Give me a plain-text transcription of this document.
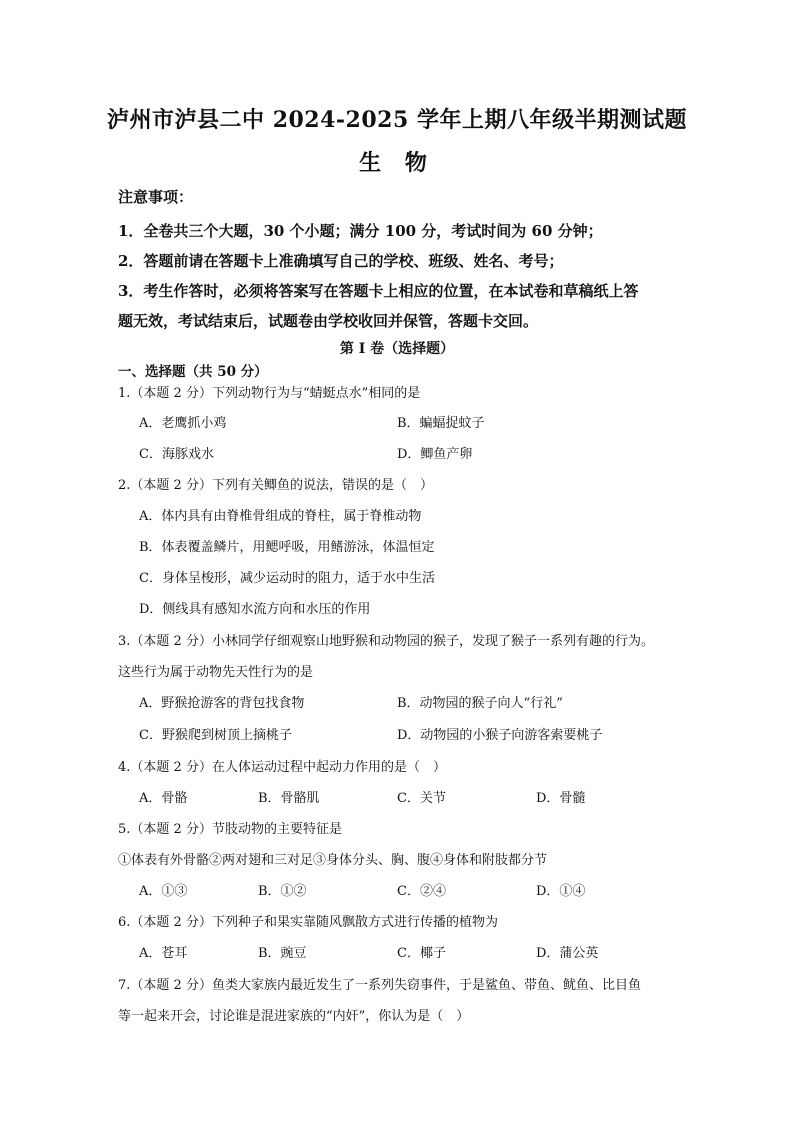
泸州市泸县二中 2024-2025 学年上期八年级半期测试题
生 物
注意事项：
1．全卷共三个大题，30 个小题；满分 100 分，考试时间为 60 分钟；
2．答题前请在答题卡上准确填写自己的学校、班级、姓名、考号；
3．考生作答时，必须将答案写在答题卡上相应的位置，在本试卷和草稿纸上答
题无效，考试结束后，试题卷由学校收回并保管，答题卡交回。
第 I 卷（选择题）
一、选择题（共 50 分）
1.（本题 2 分）下列动物行为与“蜻蜓点水”相同的是
A．老鹰抓小鸡	B．蝙蝠捉蚊子
C．海豚戏水	D．鲫鱼产卵
2.（本题 2 分）下列有关鲫鱼的说法，错误的是（　）
A．体内具有由脊椎骨组成的脊柱，属于脊椎动物
B．体表覆盖鳞片，用鳃呼吸，用鳍游泳，体温恒定
C．身体呈梭形，减少运动时的阻力，适于水中生活
D．侧线具有感知水流方向和水压的作用
3.（本题 2 分）小林同学仔细观察山地野猴和动物园的猴子，发现了猴子一系列有趣的行为。
这些行为属于动物先天性行为的是
A．野猴抢游客的背包找食物	B．动物园的猴子向人“行礼”
C．野猴爬到树顶上摘桃子	D．动物园的小猴子向游客索要桃子
4.（本题 2 分）在人体运动过程中起动力作用的是（　）
A．骨骼	B．骨骼肌	C．关节	D．骨髓
5.（本题 2 分）节肢动物的主要特征是
①体表有外骨骼②两对翅和三对足③身体分头、胸、腹④身体和附肢都分节
A．①③	B．①②	C．②④	D．①④
6.（本题 2 分）下列种子和果实靠随风飘散方式进行传播的植物为
A．苍耳	B．豌豆	C．椰子	D．蒲公英
7.（本题 2 分）鱼类大家族内最近发生了一系列失窃事件，于是鲨鱼、带鱼、鱿鱼、比目鱼
等一起来开会，讨论谁是混进家族的“内奸”，你认为是（　）
